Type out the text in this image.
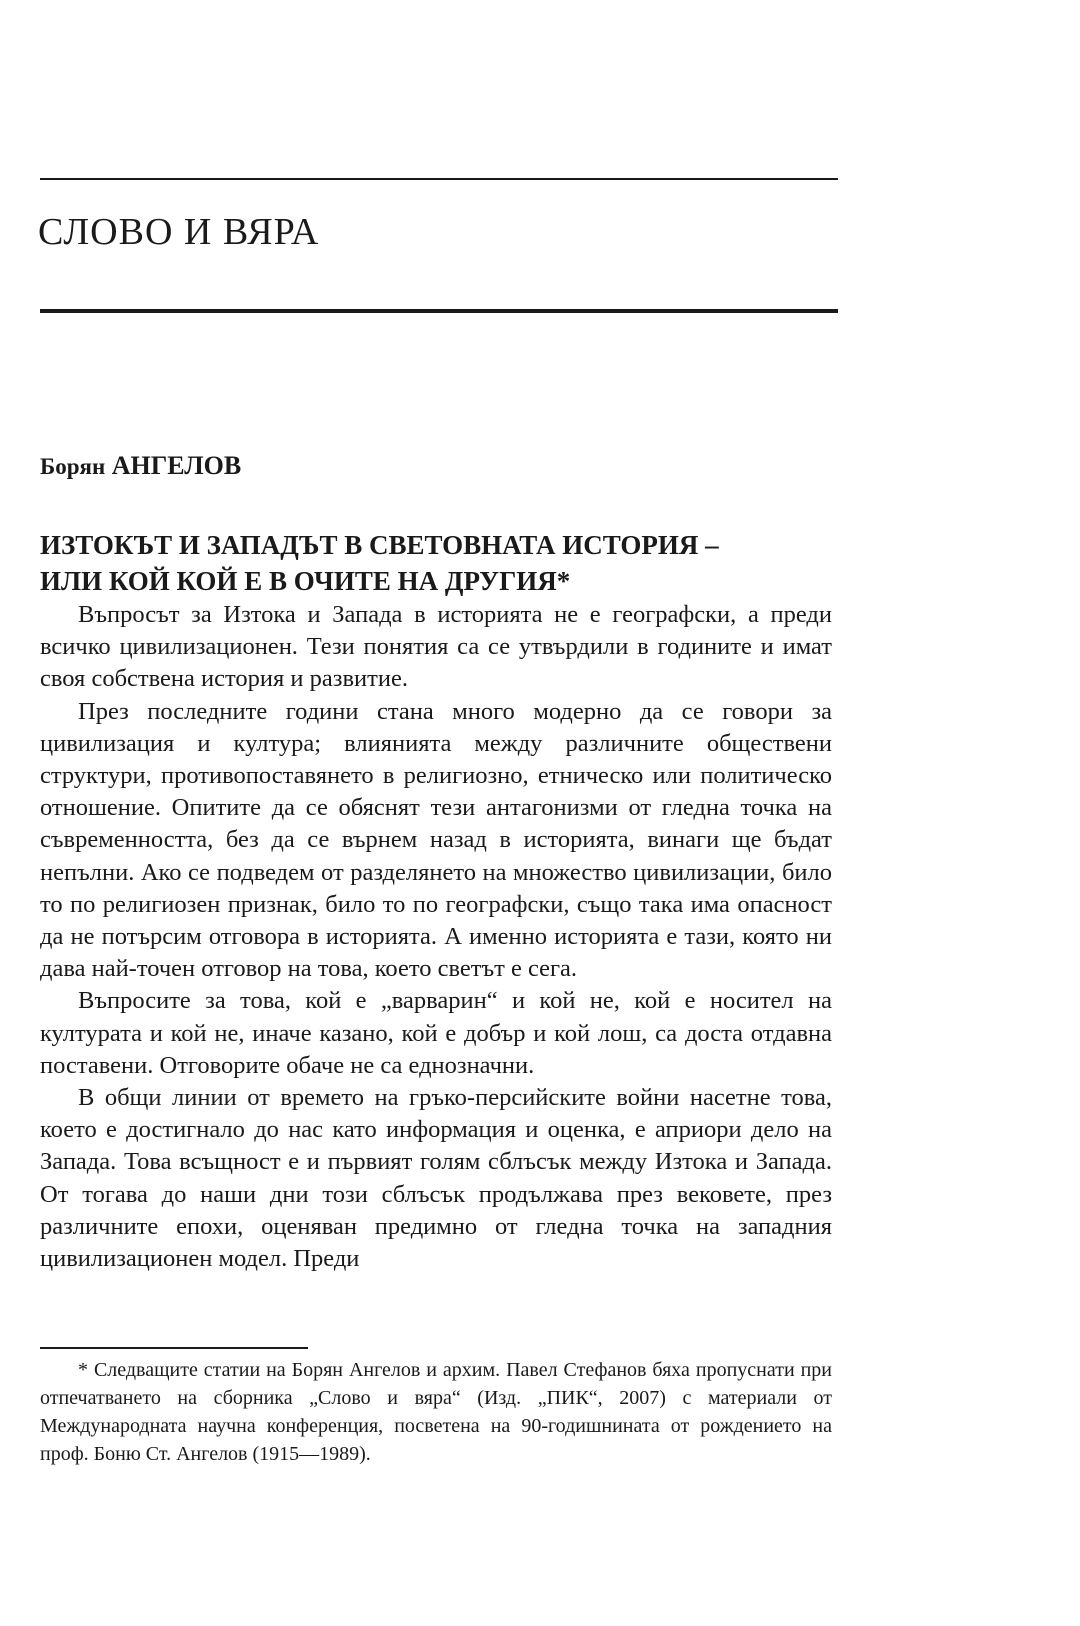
СЛОВО И ВЯРА
Борян АНГЕЛОВ
ИЗТОКЪТ И ЗАПАДЪТ В СВЕТОВНАТА ИСТОРИЯ –
ИЛИ КОЙ КОЙ Е В ОЧИТЕ НА ДРУГИЯ*

Въпросът за Изтока и Запада в историята не е географски, а преди всичко цивилизационен. Тези понятия са се утвърдили в годините и имат своя собствена история и развитие.

През последните години стана много модерно да се говори за цивилизация и култура; влиянията между различните обществени структури, противопоставянето в религиозно, етническо или политическо отношение. Опитите да се обяснят тези антагонизми от гледна точка на съвременността, без да се върнем назад в историята, винаги ще бъдат непълни. Ако се подведем от разделянето на множество цивилизации, било то по религиозен признак, било то по географски, също така има опасност да не потърсим отговора в историята. А именно историята е тази, която ни дава най-точен отговор на това, което светът е сега.

Въпросите за това, кой е „варварин“ и кой не, кой е носител на културата и кой не, иначе казано, кой е добър и кой лош, са доста отдавна поставени. Отговорите обаче не са еднозначни.

В общи линии от времето на гръко-персийските войни насетне това, което е достигнало до нас като информация и оценка, е априори дело на Запада. Това всъщност е и първият голям сблъсък между Изтока и Запада. От тогава до наши дни този сблъсък продължава през вековете, през различните епохи, оценяван предимно от гледна точка на западния цивилизационен модел. Преди

* Следващите статии на Борян Ангелов и архим. Павел Стефанов бяха пропуснати при отпечатването на сборника „Слово и вяра“ (Изд. „ПИК“, 2007) с материали от Международната научна конференция, посветена на 90-годишнината от рождението на проф. Боню Ст. Ангелов (1915—1989).
